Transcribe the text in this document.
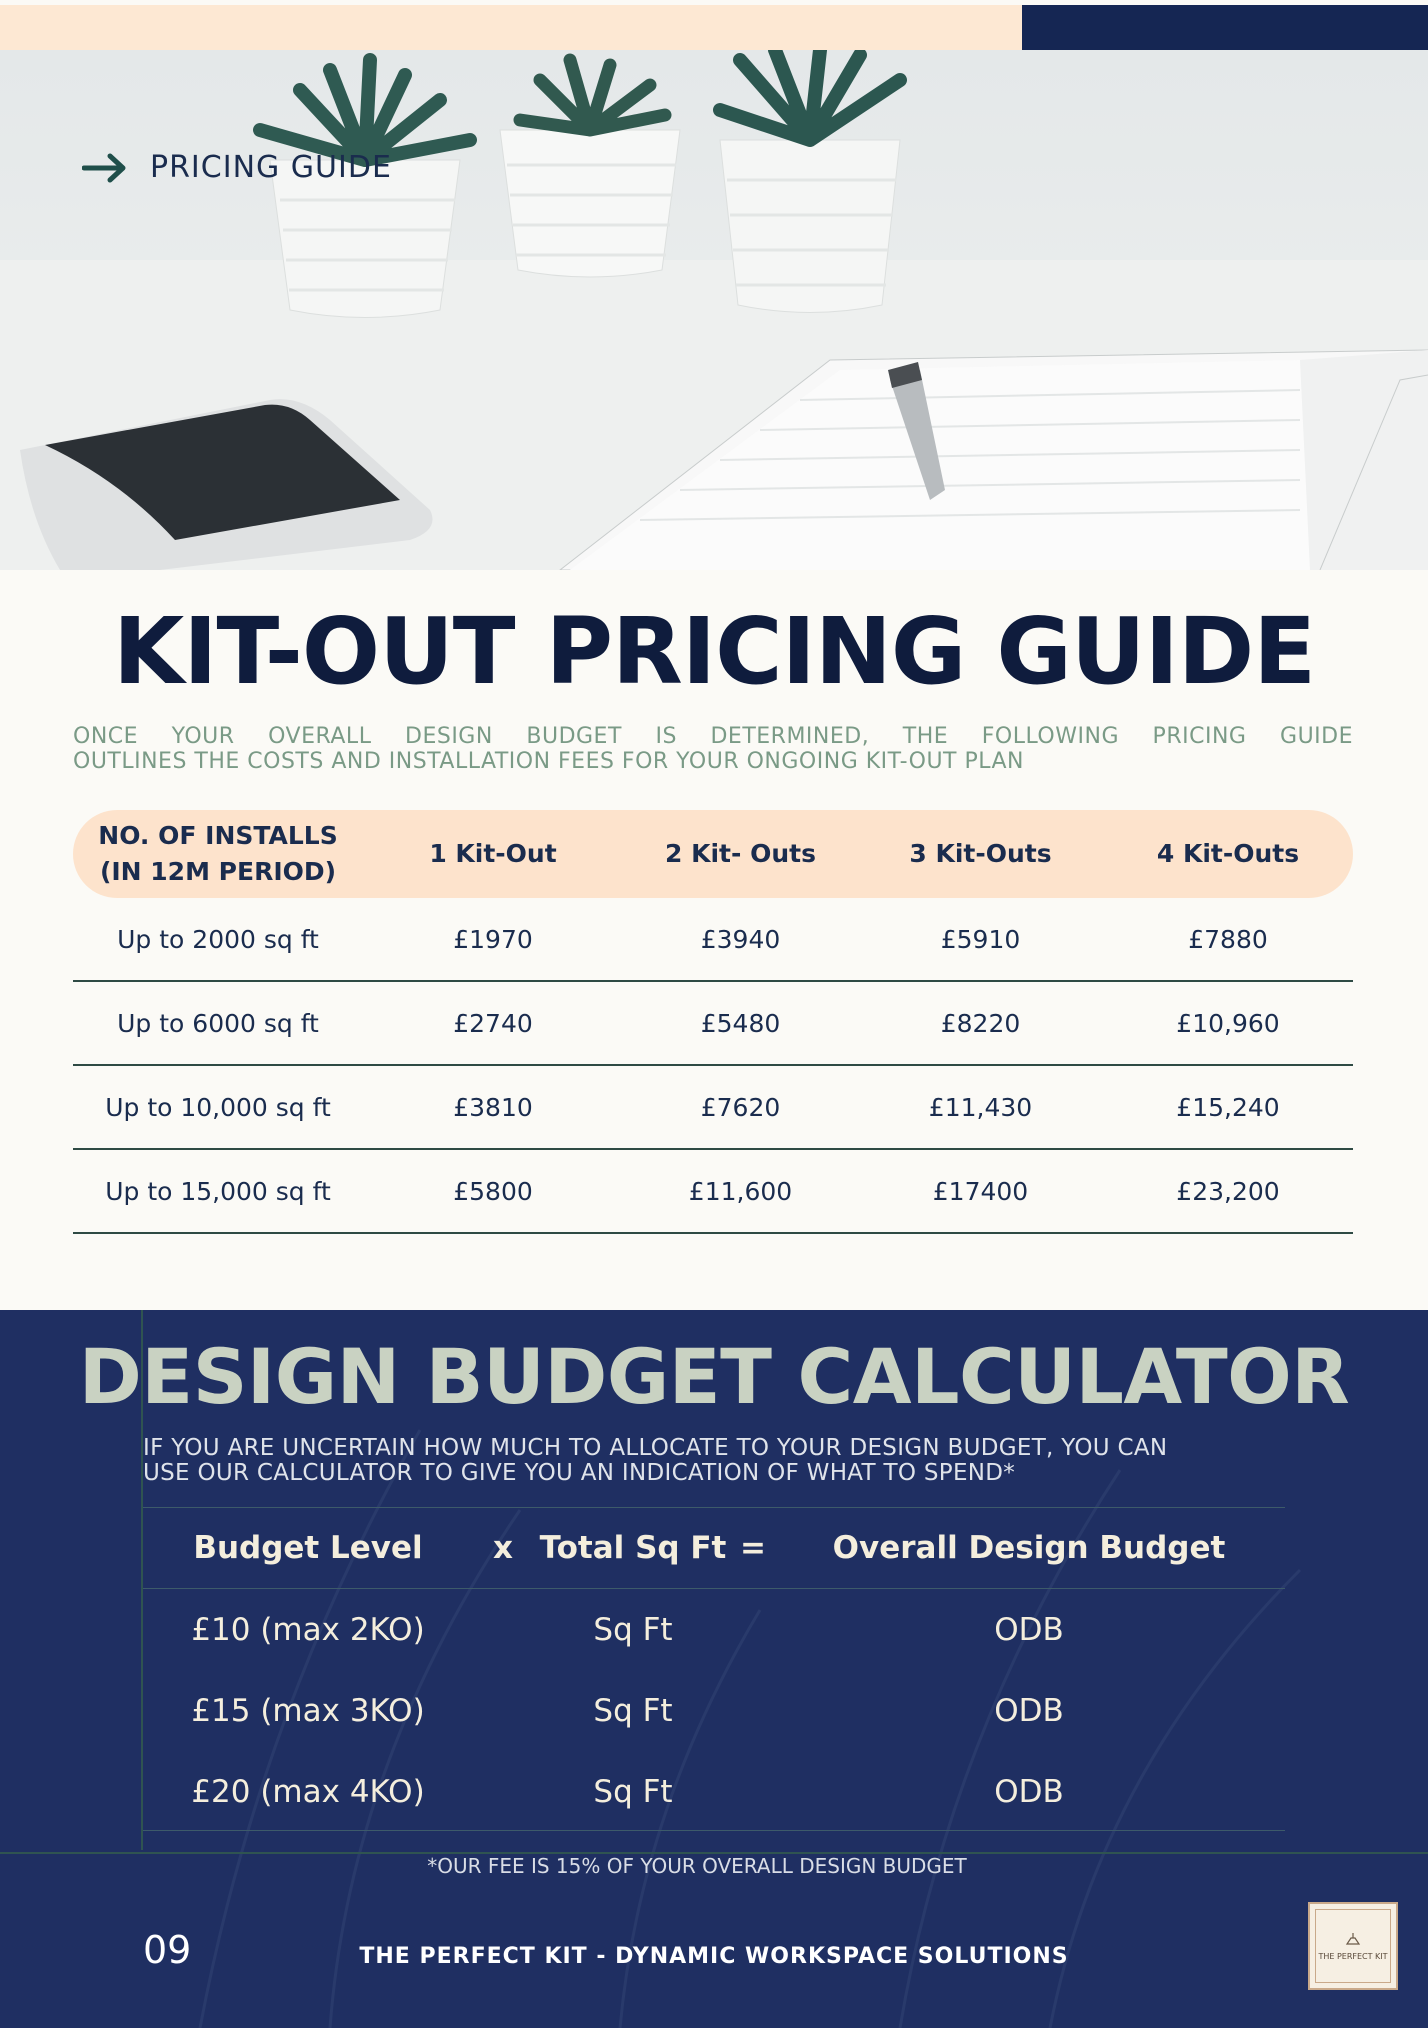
PRICING GUIDE
KIT-OUT PRICING GUIDE
ONCE YOUR OVERALL DESIGN BUDGET IS DETERMINED, THE FOLLOWING PRICING GUIDE
OUTLINES THE COSTS AND INSTALLATION FEES FOR YOUR ONGOING KIT-OUT PLAN
NO. OF INSTALLS
(IN 12M PERIOD)
1 Kit-Out	2 Kit- Outs	3 Kit-Outs	4 Kit-Outs
Up to 2000 sq ft	£1970	£3940	£5910	£7880
Up to 6000 sq ft	£2740	£5480	£8220	£10,960
Up to 10,000 sq ft	£3810	£7620	£11,430	£15,240
Up to 15,000 sq ft	£5800	£11,600	£17400	£23,200
DESIGN BUDGET CALCULATOR
IF YOU ARE UNCERTAIN HOW MUCH TO ALLOCATE TO YOUR DESIGN BUDGET, YOU CAN
USE OUR CALCULATOR TO GIVE YOU AN INDICATION OF WHAT TO SPEND*
Budget Level	x Total Sq Ft =	Overall Design Budget
£10 (max 2KO)	Sq Ft	ODB
£15 (max 3KO)	Sq Ft	ODB
£20 (max 4KO)	Sq Ft	ODB
*OUR FEE IS 15% OF YOUR OVERALL DESIGN BUDGET
09	THE PERFECT KIT - DYNAMIC WORKSPACE SOLUTIONS	THE PERFECT KIT
